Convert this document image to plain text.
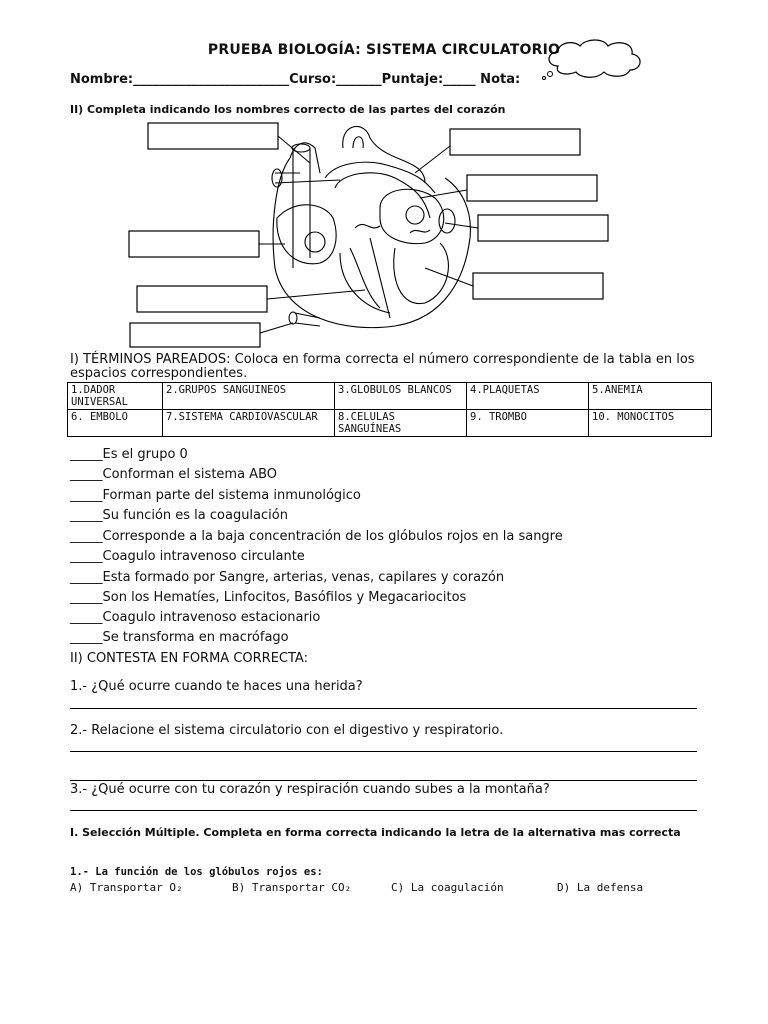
PRUEBA BIOLOGÍA: SISTEMA CIRCULATORIO
Nombre:________________________Curso:_______Puntaje:_____ Nota:
II) Completa indicando los nombres correcto de las partes del corazón
I) TÉRMINOS PAREADOS: Coloca en forma correcta el número correspondiente de la tabla en los espacios correspondientes.
1.DADOR UNIVERSAL	2.GRUPOS SANGUINEOS	3.GLOBULOS BLANCOS	4.PLAQUETAS	5.ANEMIA
6. EMBOLO	7.SISTEMA CARDIOVASCULAR	8.CELULAS SANGUÍNEAS	9. TROMBO	10. MONOCITOS
_____Es el grupo 0
_____Conforman el sistema ABO
_____Forman parte del sistema inmunológico
_____Su función es la coagulación
_____Corresponde a la baja concentración de los glóbulos rojos en la sangre
_____Coagulo intravenoso circulante
_____Esta formado por Sangre, arterias, venas, capilares y corazón
_____Son los Hematíes, Linfocitos, Basófilos y Megacariocitos
_____Coagulo intravenoso estacionario
_____Se transforma en macrófago
II) CONTESTA EN FORMA CORRECTA:
1.- ¿Qué ocurre cuando te haces una herida?
2.- Relacione el sistema circulatorio con el digestivo y respiratorio.
3.- ¿Qué ocurre con tu corazón y respiración cuando subes a la montaña?
I. Selección Múltiple. Completa en forma correcta indicando la letra de la alternativa mas correcta
1.- La función de los glóbulos rojos es:
A) Transportar O₂	B) Transportar CO₂	C) La coagulación	D) La defensa
